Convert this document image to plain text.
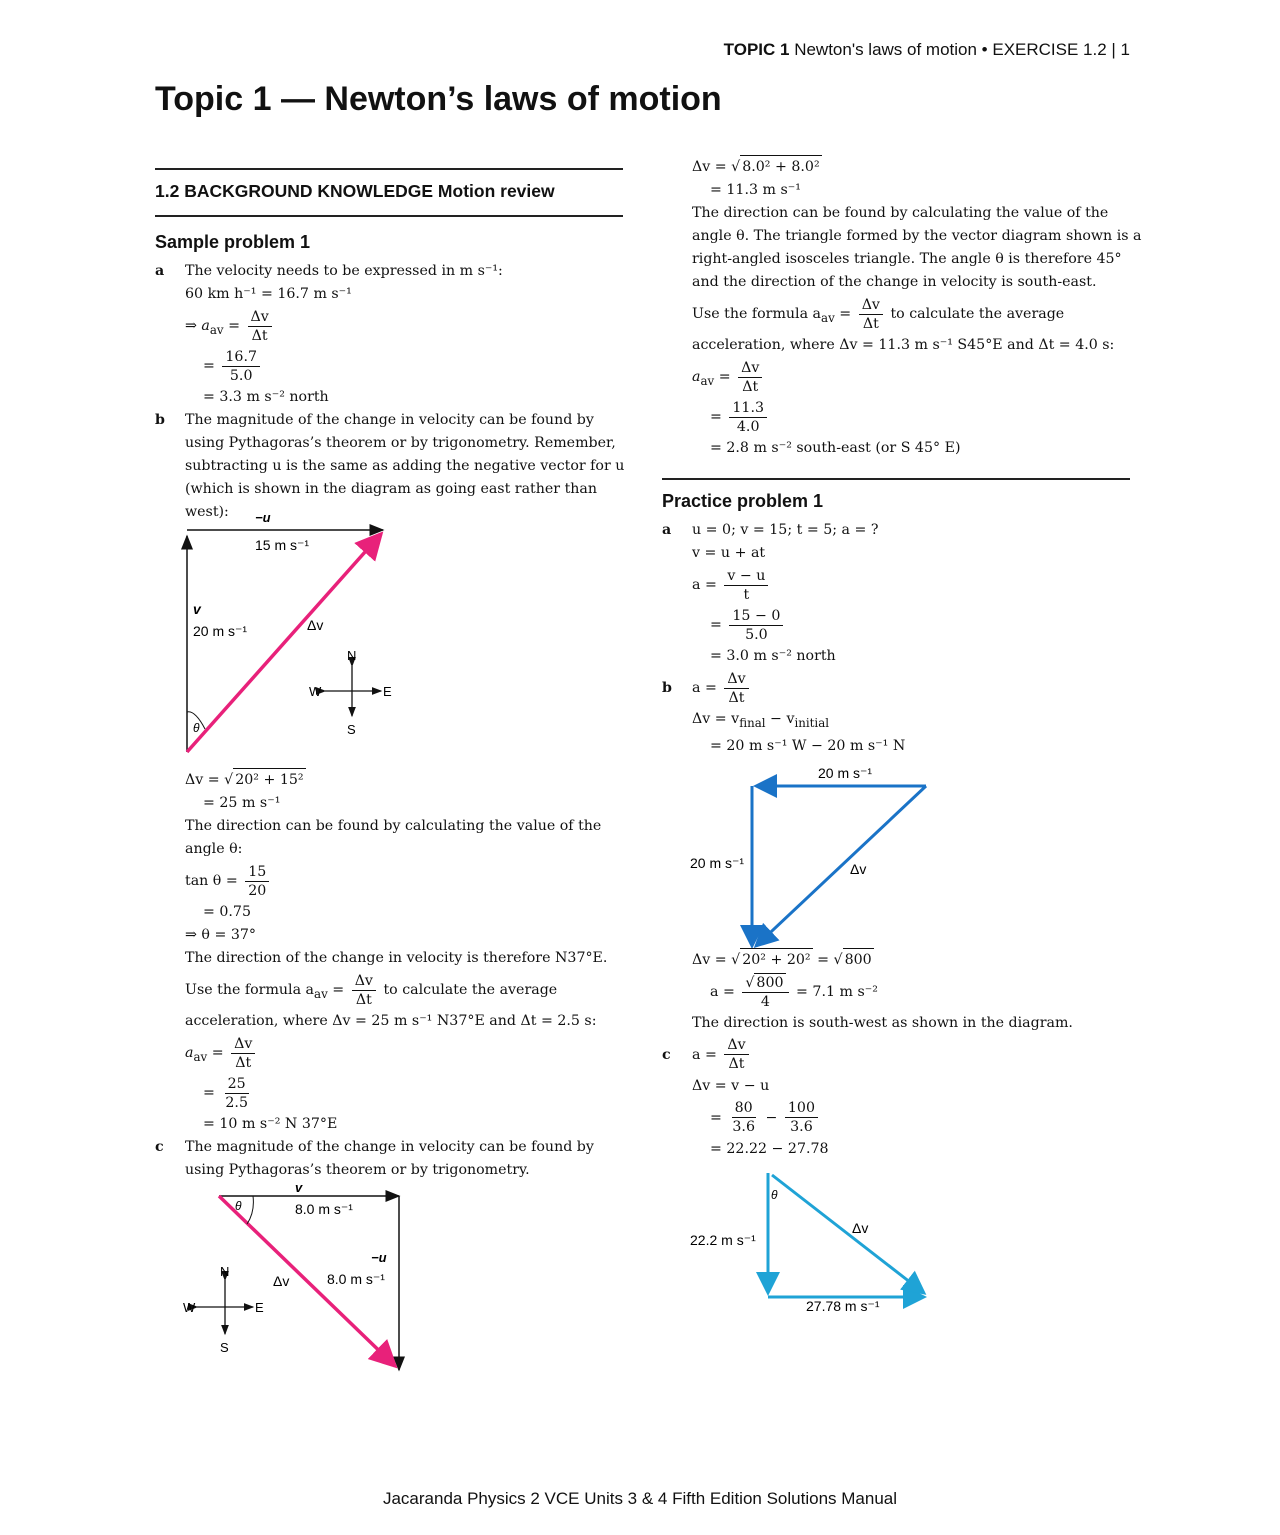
TOPIC 1 Newton's laws of motion • EXERCISE 1.2 | 1
Topic 1 — Newton’s laws of motion
1.2 BACKGROUND KNOWLEDGE Motion review
Sample problem 1
a The velocity needs to be expressed in m s⁻¹:
60 km h⁻¹ = 16.7 m s⁻¹
⇒ $a_{av} = \frac{\Delta v}{\Delta t}$
= $\frac{16.7}{5.0}$
= 3.3 m s⁻² north
b The magnitude of the change in velocity can be found by
using Pythagoras’s theorem or by trigonometry. Remember,
subtracting u is the same as adding the negative vector for u
(which is shown in the diagram as going east rather than
west):	−u
15 m s⁻¹
v
20 m s⁻¹	Δv
θ
N
S
W	E
Δv = √ 20² + 15²
= 25 m s⁻¹
The direction can be found by calculating the value of the
angle θ:
$\tan \theta = \frac{15}{20}$
= 0.75
⇒ θ = 37°
The direction of the change in velocity is therefore N37°E.
Use the formula $a_{av} = \frac{\Delta v}{\Delta t}$ to calculate the average
acceleration, where Δv = 25 m s⁻¹ N37°E and Δt = 2.5 s:
$a_{av} = \frac{\Delta v}{\Delta t}$
= $\frac{25}{2.5}$
= 10 m s⁻² N 37°E
c The magnitude of the change in velocity can be found by
using Pythagoras’s theorem or by trigonometry.
θ
v
8.0 m s⁻¹
−u
8.0 m s⁻¹
Δv
N
S
W	E
Δv = √ 8.0² + 8.0²
= 11.3 m s⁻¹
The direction can be found by calculating the value of the
angle θ. The triangle formed by the vector diagram shown is a
right-angled isosceles triangle. The angle θ is therefore 45°
and the direction of the change in velocity is south-east.
Use the formula $a_{av} = \frac{\Delta v}{\Delta t}$ to calculate the average
acceleration, where Δv = 11.3 m s⁻¹ S45°E and Δt = 4.0 s:
$a_{av} = \frac{\Delta v}{\Delta t}$
= $\frac{11.3}{4.0}$
= 2.8 m s⁻² south-east (or S 45° E)
Practice problem 1
a u = 0; v = 15; t = 5; a = ?
v = u + at
$a = \frac{v - u}{t}$
= $\frac{15 - 0}{5.0}$
= 3.0 m s⁻² north
b $a = \frac{\Delta v}{\Delta t}$
$\Delta v = v_{final} - v_{initial}$
= 20 m s⁻¹ W − 20 m s⁻¹ N
20 m s⁻¹
20 m s⁻¹	Δv
Δv = √ 20² + 20² = √ 800
$a = \frac{√ 800}{4} = 7.1$ m s⁻²
The direction is south-west as shown in the diagram.
c $a = \frac{\Delta v}{\Delta t}$
Δv = v − u
= $\frac{80}{3.6} - \frac{100}{3.6}$
= 22.22 − 27.78
θ
22.2 m s⁻¹
27.78 m s⁻¹
Δv
Jacaranda Physics 2 VCE Units 3 & 4 Fifth Edition Solutions Manual
